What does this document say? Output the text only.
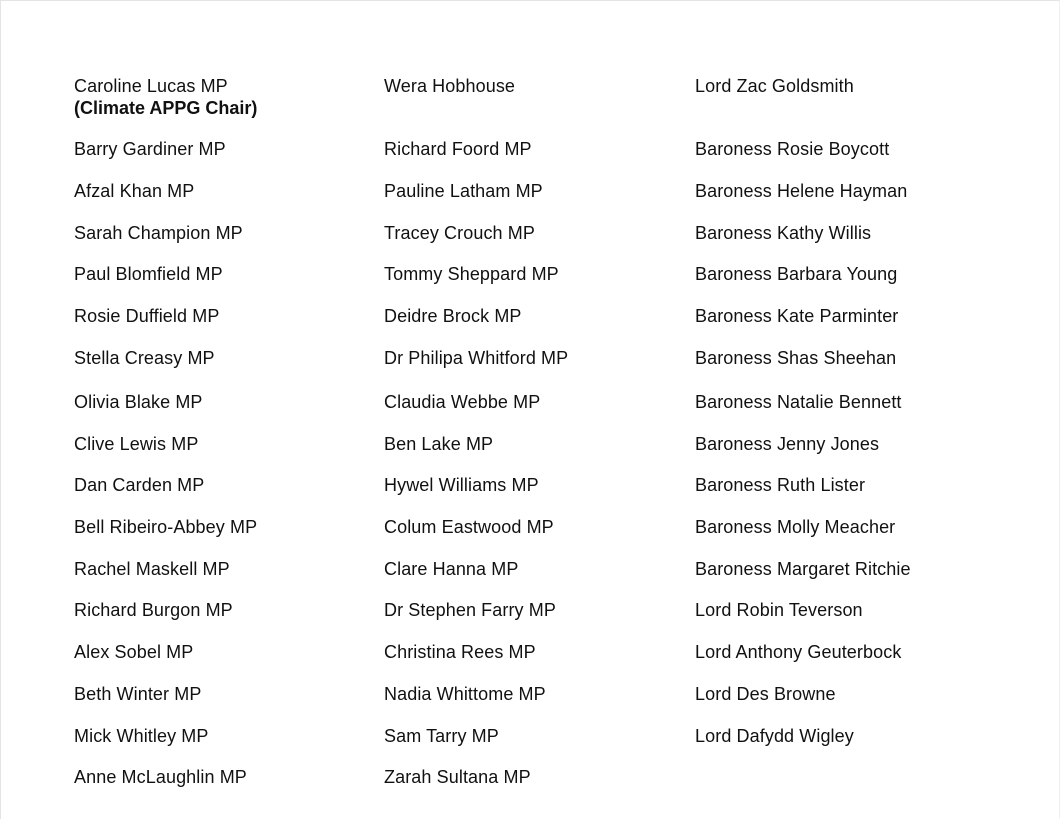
(Climate APPG Chair)
Caroline Lucas MP
Barry Gardiner MP
Afzal Khan MP
Sarah Champion MP
Paul Blomfield MP
Rosie Duffield MP
Stella Creasy MP
Olivia Blake MP
Clive Lewis MP
Dan Carden MP
Bell Ribeiro-Abbey MP
Rachel Maskell MP
Richard Burgon MP
Alex Sobel MP
Beth Winter MP
Mick Whitley MP
Anne McLaughlin MP
Wera Hobhouse
Richard Foord MP
Pauline Latham MP
Tracey Crouch MP
Tommy Sheppard MP
Deidre Brock MP
Dr Philipa Whitford MP
Claudia Webbe MP
Ben Lake MP
Hywel Williams MP
Colum Eastwood MP
Clare Hanna MP
Dr Stephen Farry MP
Christina Rees MP
Nadia Whittome MP
Sam Tarry MP
Zarah Sultana MP
Lord Zac Goldsmith
Baroness Rosie Boycott
Baroness Helene Hayman
Baroness Kathy Willis
Baroness Barbara Young
Baroness Kate Parminter
Baroness Shas Sheehan
Baroness Natalie Bennett
Baroness Jenny Jones
Baroness Ruth Lister
Baroness Molly Meacher
Baroness Margaret Ritchie
Lord Robin Teverson
Lord Anthony Geuterbock
Lord Des Browne
Lord Dafydd Wigley
